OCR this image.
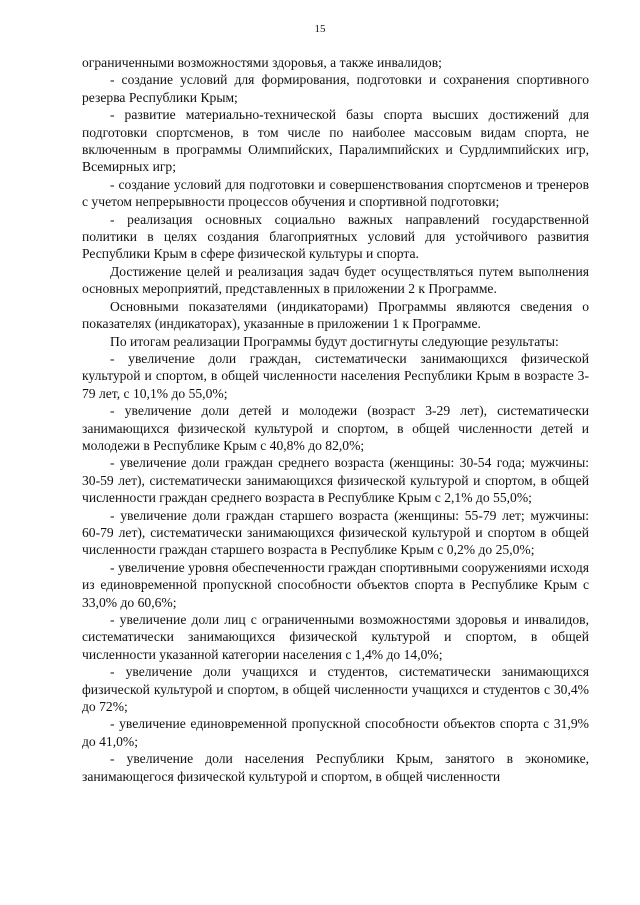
15

ограниченными возможностями здоровья, а также инвалидов;

- создание условий для формирования, подготовки и сохранения спортивного резерва Республики Крым;

- развитие материально-технической базы спорта высших достижений для подготовки спортсменов, в том числе по наиболее массовым видам спорта, не включенным в программы Олимпийских, Паралимпийских и Сурдлимпийских игр, Всемирных игр;

- создание условий для подготовки и совершенствования спортсменов и тренеров с учетом непрерывности процессов обучения и спортивной подготовки;

- реализация основных социально важных направлений государственной политики в целях создания благоприятных условий для устойчивого развития Республики Крым в сфере физической культуры и спорта.

Достижение целей и реализация задач будет осуществляться путем выполнения основных мероприятий, представленных в приложении 2 к Программе.

Основными показателями (индикаторами) Программы являются сведения о показателях (индикаторах), указанные в приложении 1 к Программе.

По итогам реализации Программы будут достигнуты следующие результаты:

- увеличение доли граждан, систематически занимающихся физической культурой и спортом, в общей численности населения Республики Крым в возрасте 3-79 лет, с 10,1% до 55,0%;

- увеличение доли детей и молодежи (возраст 3-29 лет), систематически занимающихся физической культурой и спортом, в общей численности детей и молодежи в Республике Крым с 40,8% до 82,0%;

- увеличение доли граждан среднего возраста (женщины: 30-54 года; мужчины: 30-59 лет), систематически занимающихся физической культурой и спортом, в общей численности граждан среднего возраста в Республике Крым с 2,1% до 55,0%;

- увеличение доли граждан старшего возраста (женщины: 55-79 лет; мужчины: 60-79 лет), систематически занимающихся физической культурой и спортом в общей численности граждан старшего возраста в Республике Крым с 0,2% до 25,0%;

- увеличение уровня обеспеченности граждан спортивными сооружениями исходя из единовременной пропускной способности объектов спорта в Республике Крым с 33,0% до 60,6%;

- увеличение доли лиц с ограниченными возможностями здоровья и инвалидов, систематически занимающихся физической культурой и спортом, в общей численности указанной категории населения с 1,4% до 14,0%;

- увеличение доли учащихся и студентов, систематически занимающихся физической культурой и спортом, в общей численности учащихся и студентов с 30,4% до 72%;

- увеличение единовременной пропускной способности объектов спорта с 31,9% до 41,0%;

- увеличение доли населения Республики Крым, занятого в экономике, занимающегося физической культурой и спортом, в общей численности
